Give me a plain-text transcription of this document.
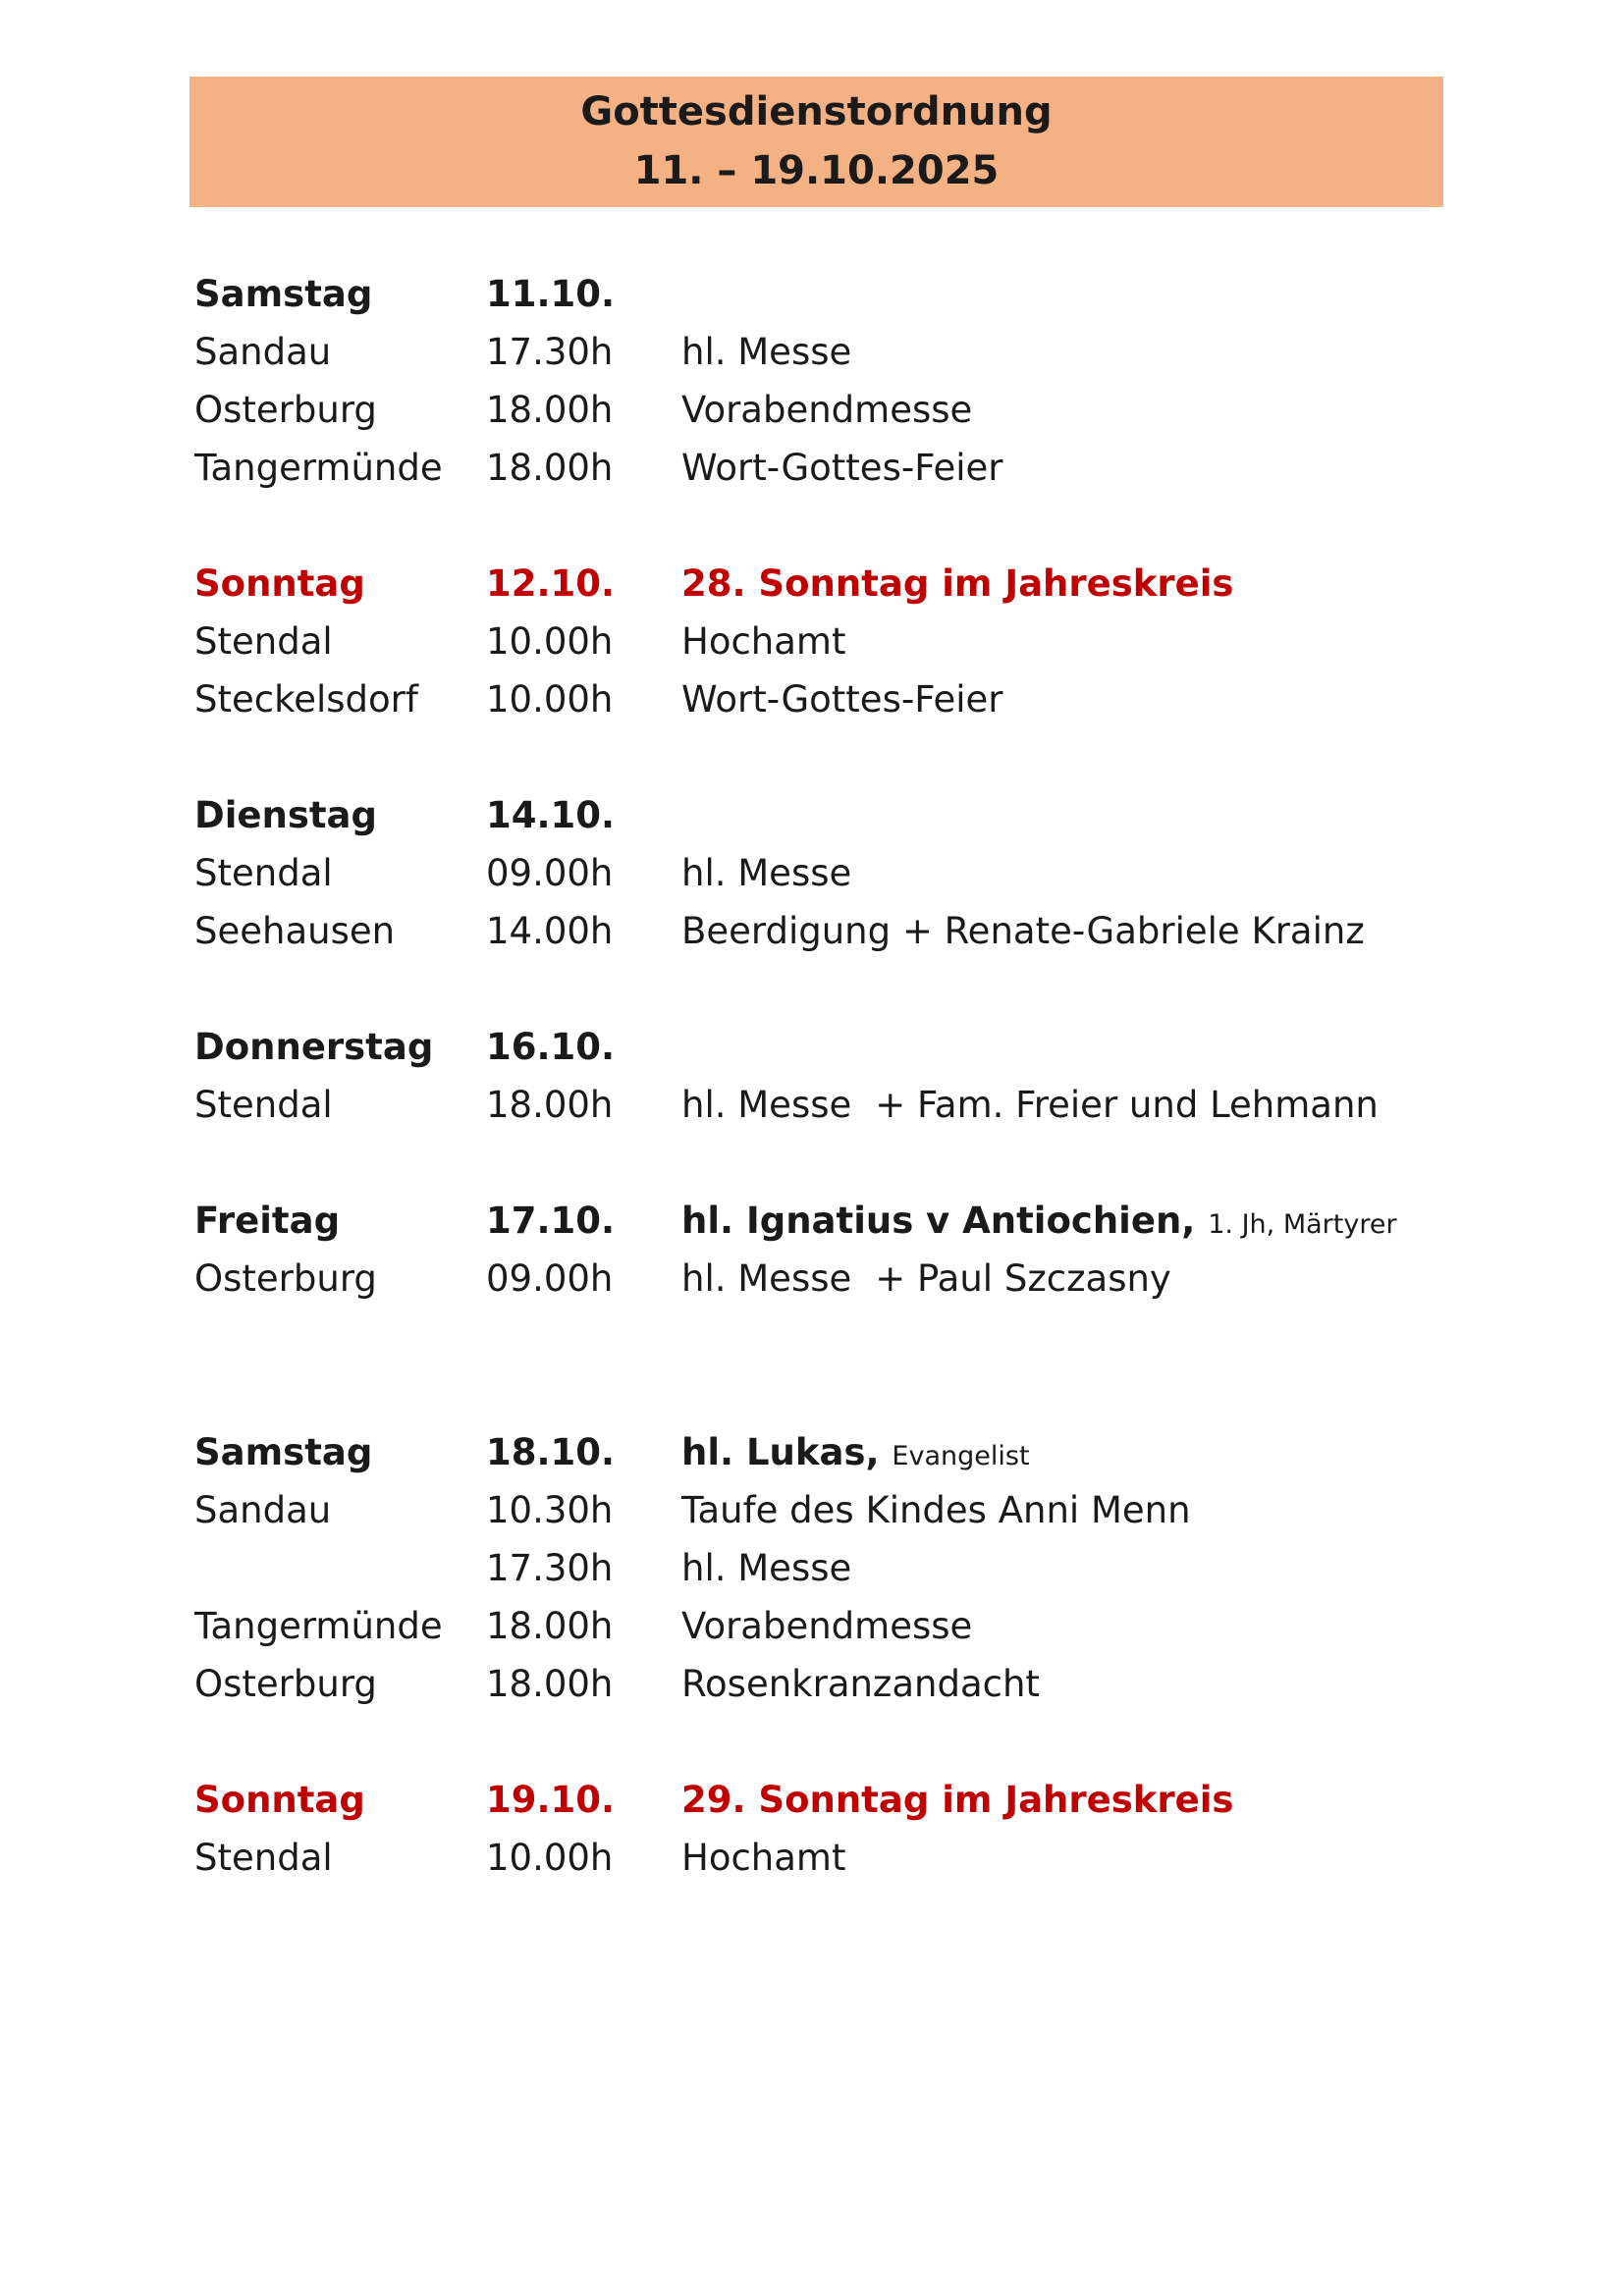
Gottesdienstordnung
11. – 19.10.2025
Samstag	11.10.
Sandau	17.30h hl. Messe
Osterburg	18.00h Vorabendmesse
Tangermünde 18.00h Wort-Gottes-Feier
Sonntag	12.10. 28. Sonntag im Jahreskreis
Stendal	10.00h Hochamt
Steckelsdorf 10.00h Wort-Gottes-Feier
Dienstag	14.10.
Stendal	09.00h hl. Messe
Seehausen	14.00h Beerdigung + Renate-Gabriele Krainz
Donnerstag 16.10.
Stendal	18.00h hl. Messe + Fam. Freier und Lehmann
Freitag	17.10. hl. Ignatius v Antiochien, 1. Jh, Märtyrer
Osterburg	09.00h hl. Messe + Paul Szczasny
Samstag	18.10. hl. Lukas, Evangelist
Sandau	10.30h Taufe des Kindes Anni Menn
17.30h hl. Messe
Tangermünde 18.00h Vorabendmesse
Osterburg	18.00h Rosenkranzandacht
Sonntag	19.10. 29. Sonntag im Jahreskreis
Stendal	10.00h Hochamt
